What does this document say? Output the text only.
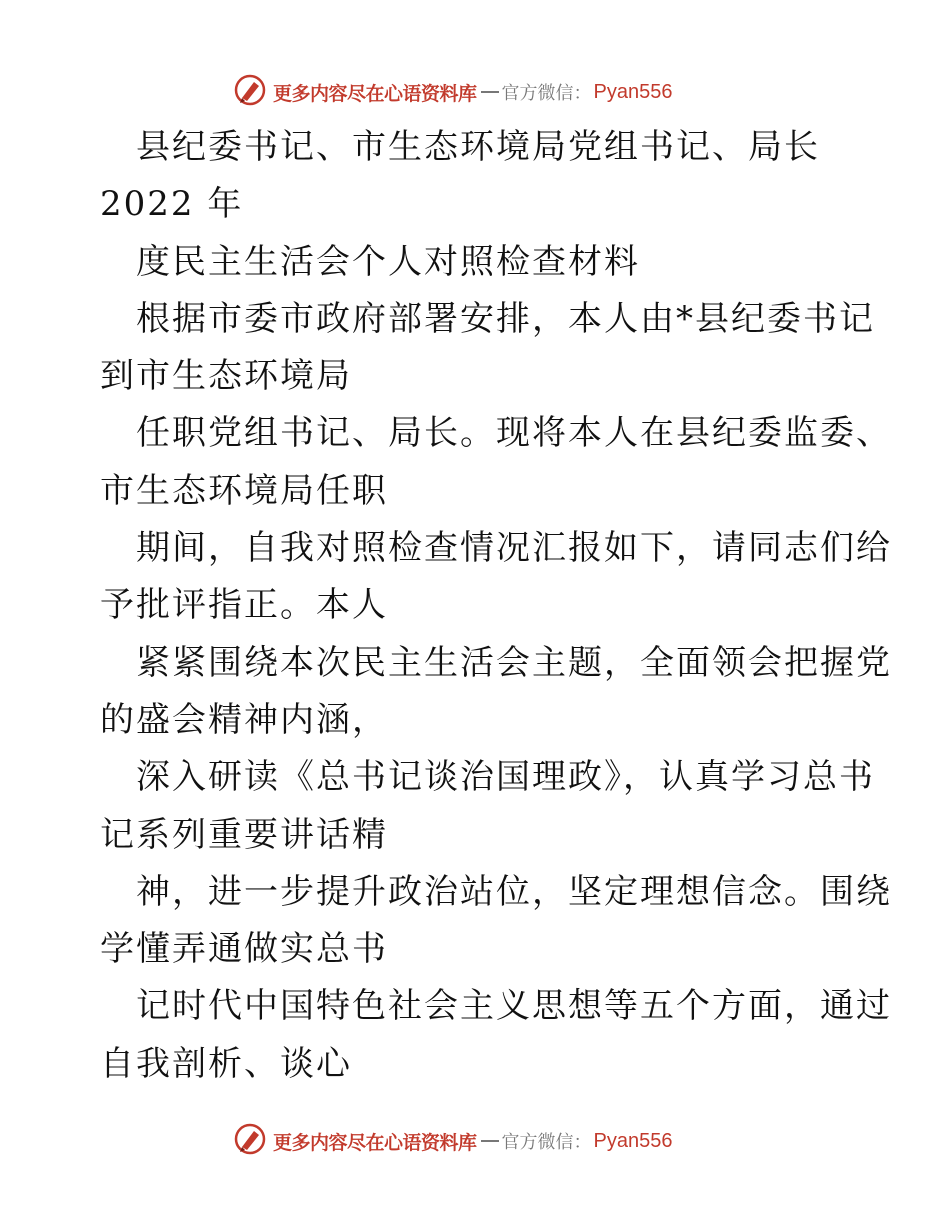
更多内容尽在心语资料库 官方微信： Pyan556
县纪委书记、市生态环境局党组书记、局长
2022 年
度民主生活会个人对照检查材料
根据市委市政府部署安排，本人由*县纪委书记
到市生态环境局
任职党组书记、局长。现将本人在县纪委监委、
市生态环境局任职
期间，自我对照检查情况汇报如下，请同志们给
予批评指正。本人
紧紧围绕本次民主生活会主题，全面领会把握党
的盛会精神内涵，
深入研读《总书记谈治国理政》，认真学习总书
记系列重要讲话精
神，进一步提升政治站位，坚定理想信念。围绕
学懂弄通做实总书
记时代中国特色社会主义思想等五个方面，通过
自我剖析、谈心
更多内容尽在心语资料库 官方微信： Pyan556
